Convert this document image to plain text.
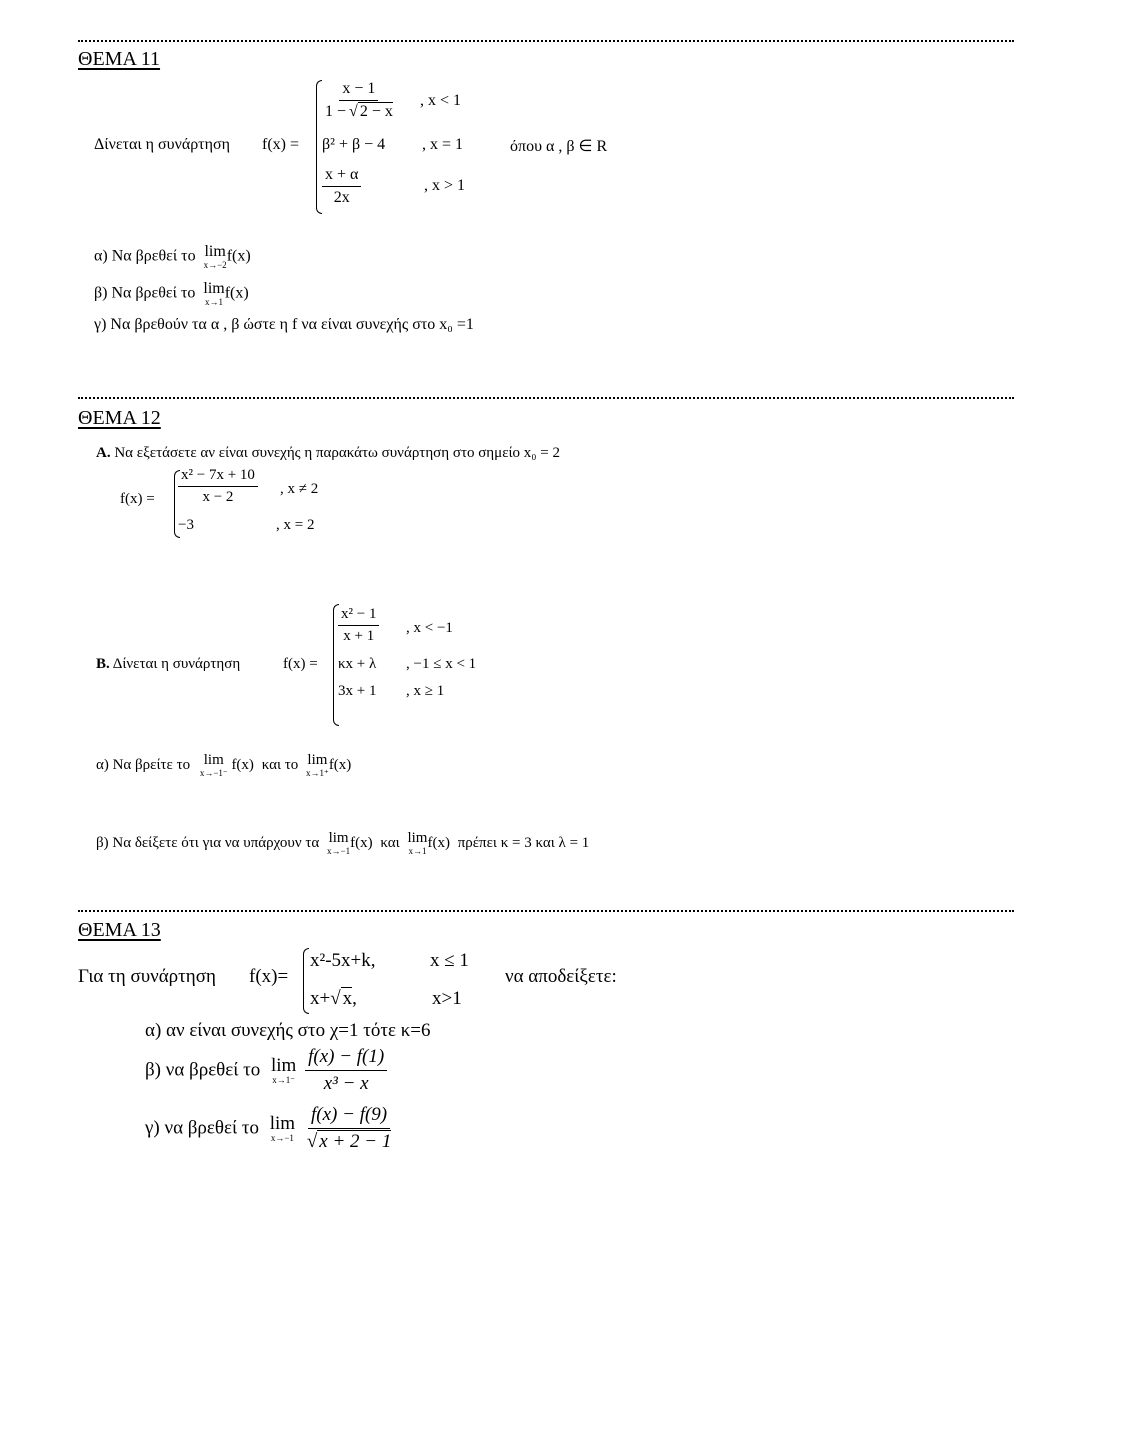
ΘΕΜΑ 11
Δίνεται η συνάρτηση f(x) =
$\frac{x - 1}{1 - √ 2 - x}$ , x < 1
β² + β − 4 , x = 1	όπου α , β ∈ R
$\frac{x + \alpha}{2x}$	, x > 1
α) Να βρεθεί το lim
x→−2
f(x)
β) Να βρεθεί το lim
x→1
f(x)
γ) Να βρεθούν τα α , β ώστε η f να είναι συνεχής στο x₀ =1
ΘΕΜΑ 12
Α. Να εξετάσετε αν είναι συνεχής η παρακάτω συνάρτηση στο σημείο x₀ = 2
$f(x) = \frac{\text{x² − 7x + 10}}{x - 2}$ , x ≠ 2
−3	, x = 2
Β. Δίνεται η συνάρτηση	f(x) =
$\frac{\text{x² − 1}}{x + 1}$ , x < −1
κx + λ , −1 ≤ x < 1
3x + 1 , x ≥ 1
α) Να βρείτε το lim
x→−1⁻
f(x) και το lim
x→1⁺
f(x)
β) Να δείξετε ότι για να υπάρχουν τα lim
x→−1
f(x) και lim
x→1
f(x) πρέπει κ = 3 και λ = 1
ΘΕΜΑ 13
Για τη συνάρτηση f(x)=
x²-5x+k,	x ≤ 1
x+√ x,	x>1
να αποδείξετε:
α) αν είναι συνεχής στο χ=1 τότε κ=6
β) να βρεθεί το lim
x→1⁻
$\frac{f(x) - f(1)}{\text{x³ − x}}$
γ) να βρεθεί το lim
x→−1
$\frac{f(x) - f(9)}{√ x + 2 - 1}$
